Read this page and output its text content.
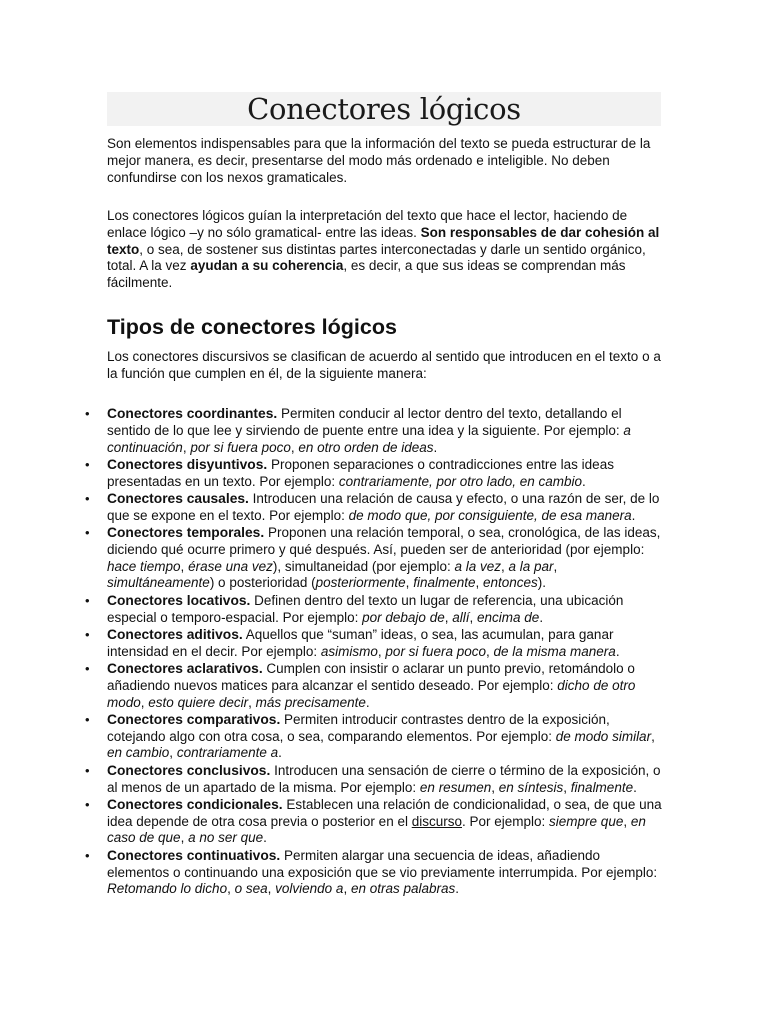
Conectores lógicos

Son elementos indispensables para que la información del texto se pueda estructurar de la mejor manera, es decir, presentarse del modo más ordenado e inteligible. No deben confundirse con los nexos gramaticales.

Los conectores lógicos guían la interpretación del texto que hace el lector, haciendo de enlace lógico –y no sólo gramatical- entre las ideas. Son responsables de dar cohesión al texto, o sea, de sostener sus distintas partes interconectadas y darle un sentido orgánico, total. A la vez ayudan a su coherencia, es decir, a que sus ideas se comprendan más fácilmente.

Tipos de conectores lógicos

Los conectores discursivos se clasifican de acuerdo al sentido que introducen en el texto o a la función que cumplen en él, de la siguiente manera:

• Conectores coordinantes. Permiten conducir al lector dentro del texto, detallando el sentido de lo que lee y sirviendo de puente entre una idea y la siguiente. Por ejemplo: a continuación, por si fuera poco, en otro orden de ideas.
• Conectores disyuntivos. Proponen separaciones o contradicciones entre las ideas presentadas en un texto. Por ejemplo: contrariamente, por otro lado, en cambio.
• Conectores causales. Introducen una relación de causa y efecto, o una razón de ser, de lo que se expone en el texto. Por ejemplo: de modo que, por consiguiente, de esa manera.
• Conectores temporales. Proponen una relación temporal, o sea, cronológica, de las ideas, diciendo qué ocurre primero y qué después. Así, pueden ser de anterioridad (por ejemplo: hace tiempo, érase una vez), simultaneidad (por ejemplo: a la vez, a la par, simultáneamente) o posterioridad (posteriormente, finalmente, entonces).
• Conectores locativos. Definen dentro del texto un lugar de referencia, una ubicación especial o temporo-espacial. Por ejemplo: por debajo de, allí, encima de.
• Conectores aditivos. Aquellos que “suman” ideas, o sea, las acumulan, para ganar intensidad en el decir. Por ejemplo: asimismo, por si fuera poco, de la misma manera.
• Conectores aclarativos. Cumplen con insistir o aclarar un punto previo, retomándolo o añadiendo nuevos matices para alcanzar el sentido deseado. Por ejemplo: dicho de otro modo, esto quiere decir, más precisamente.
• Conectores comparativos. Permiten introducir contrastes dentro de la exposición, cotejando algo con otra cosa, o sea, comparando elementos. Por ejemplo: de modo similar, en cambio, contrariamente a.
• Conectores conclusivos. Introducen una sensación de cierre o término de la exposición, o al menos de un apartado de la misma. Por ejemplo: en resumen, en síntesis, finalmente.
• Conectores condicionales. Establecen una relación de condicionalidad, o sea, de que una idea depende de otra cosa previa o posterior en el discurso. Por ejemplo: siempre que, en caso de que, a no ser que.
• Conectores continuativos. Permiten alargar una secuencia de ideas, añadiendo elementos o continuando una exposición que se vio previamente interrumpida. Por ejemplo: Retomando lo dicho, o sea, volviendo a, en otras palabras.
